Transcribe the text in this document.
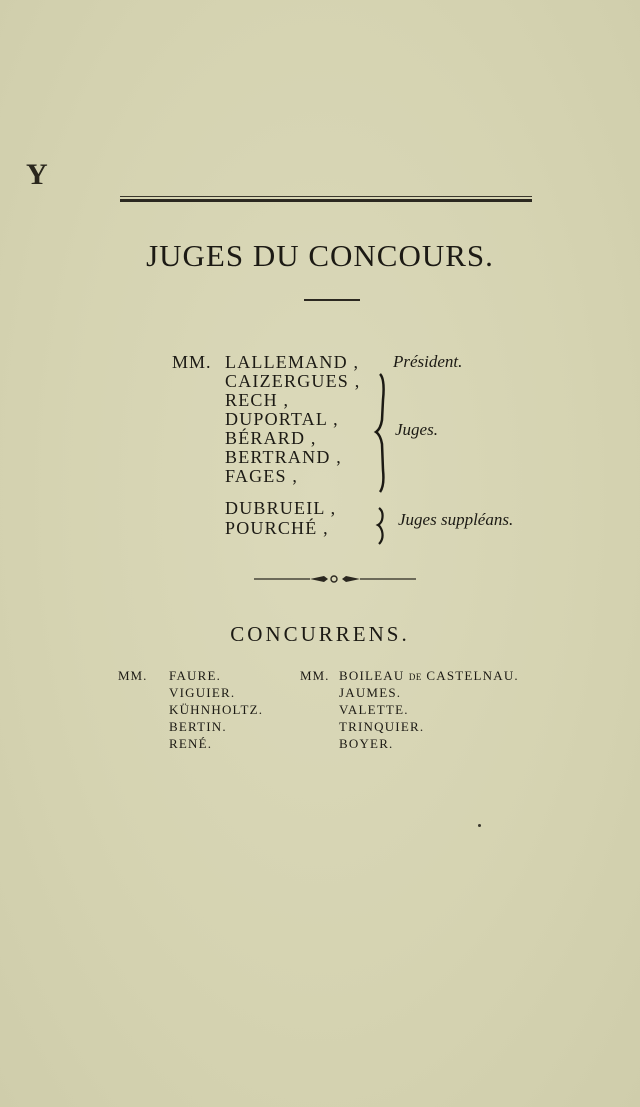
Y
JUGES DU CONCOURS.
MM. LALLEMAND ,
CAIZERGUES ,
RECH ,
DUPORTAL ,
BÉRARD ,
BERTRAND ,
FAGES ,
DUBRUEIL ,
POURCHÉ ,
Président.
Juges.
Juges suppléans.
CONCURRENS.
MM. FAURE.
VIGUIER.
KÜHNHOLTZ.
BERTIN.
RENÉ.
MM. BOILEAU DE CASTELNAU.
JAUMES.
VALETTE.
TRINQUIER.
BOYER.
